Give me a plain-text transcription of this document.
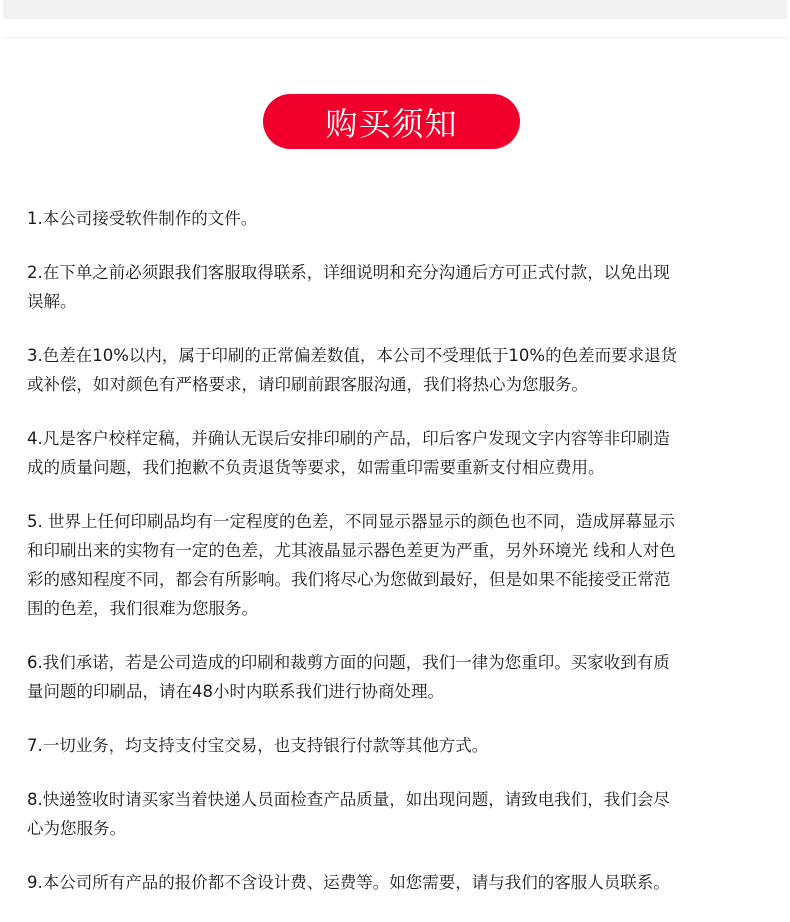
购买须知
1.本公司接受软件制作的文件。
2.在下单之前必须跟我们客服取得联系，详细说明和充分沟通后方可正式付款，以免出现
误解。
3.色差在10%以内，属于印刷的正常偏差数值，本公司不受理低于10%的色差而要求退货
或补偿，如对颜色有严格要求，请印刷前跟客服沟通，我们将热心为您服务。
4.凡是客户校样定稿，并确认无误后安排印刷的产品，印后客户发现文字内容等非印刷造
成的质量问题，我们抱歉不负责退货等要求，如需重印需要重新支付相应费用。
5. 世界上任何印刷品均有一定程度的色差，不同显示器显示的颜色也不同，造成屏幕显示
和印刷出来的实物有一定的色差，尤其液晶显示器色差更为严重，另外环境光 线和人对色
彩的感知程度不同，都会有所影响。我们将尽心为您做到最好，但是如果不能接受正常范
围的色差，我们很难为您服务。
6.我们承诺，若是公司造成的印刷和裁剪方面的问题，我们一律为您重印。买家收到有质
量问题的印刷品，请在48小时内联系我们进行协商处理。
7.一切业务，均支持支付宝交易，也支持银行付款等其他方式。
8.快递签收时请买家当着快递人员面检查产品质量，如出现问题，请致电我们，我们会尽
心为您服务。
9.本公司所有产品的报价都不含设计费、运费等。如您需要，请与我们的客服人员联系。
